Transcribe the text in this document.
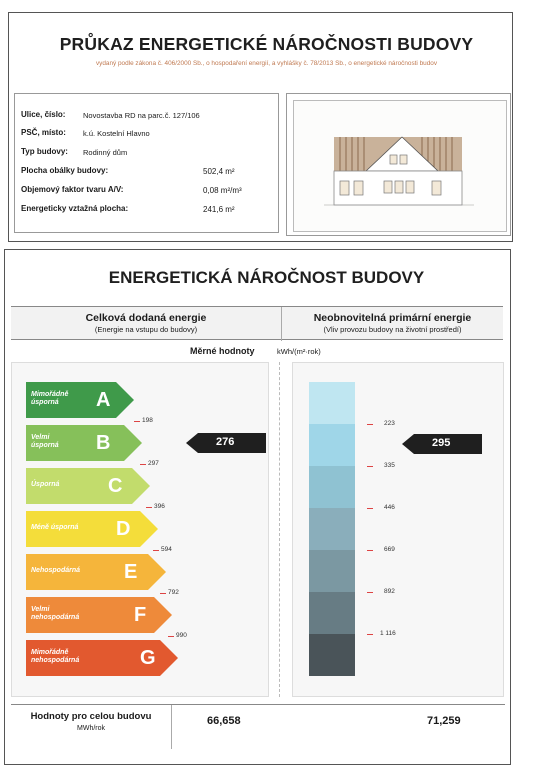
PRŮKAZ ENERGETICKÉ NÁROČNOSTI BUDOVY
vydaný podle zákona č. 406/2000 Sb., o hospodaření energií, a vyhlášky č. 78/2013 Sb., o energetické náročnosti budov
Ulice, číslo: Novostavba RD na parc.č. 127/106
PSČ, místo: k.ú. Kostelní Hlavno
Typ budovy: Rodinný dům
Plocha obálky budovy:	502,4 m²
Objemový faktor tvaru A/V:	0,08 m²/m³
Energeticky vztažná plocha:	241,6 m²
ENERGETICKÁ NÁROČNOST BUDOVY
Celková dodaná energie
(Energie na vstupu do budovy)
Neobnovitelná primární energie
(Vliv provozu budovy na životní prostředí)
Měrné hodnoty	kWh/(m²·rok)
Mimořádně
úsporná	A
Velmi
úsporná B
Úsporná C
Méně úsporná D
Nehospodárná E
Velmi
nehospodárná	F
Mimořádně
nehospodárná	G
198
297
396
594
792
990
276
223
335
446
669
892
1 116
295
Hodnoty pro celou budovu
MWh/rok
66,658	71,259
